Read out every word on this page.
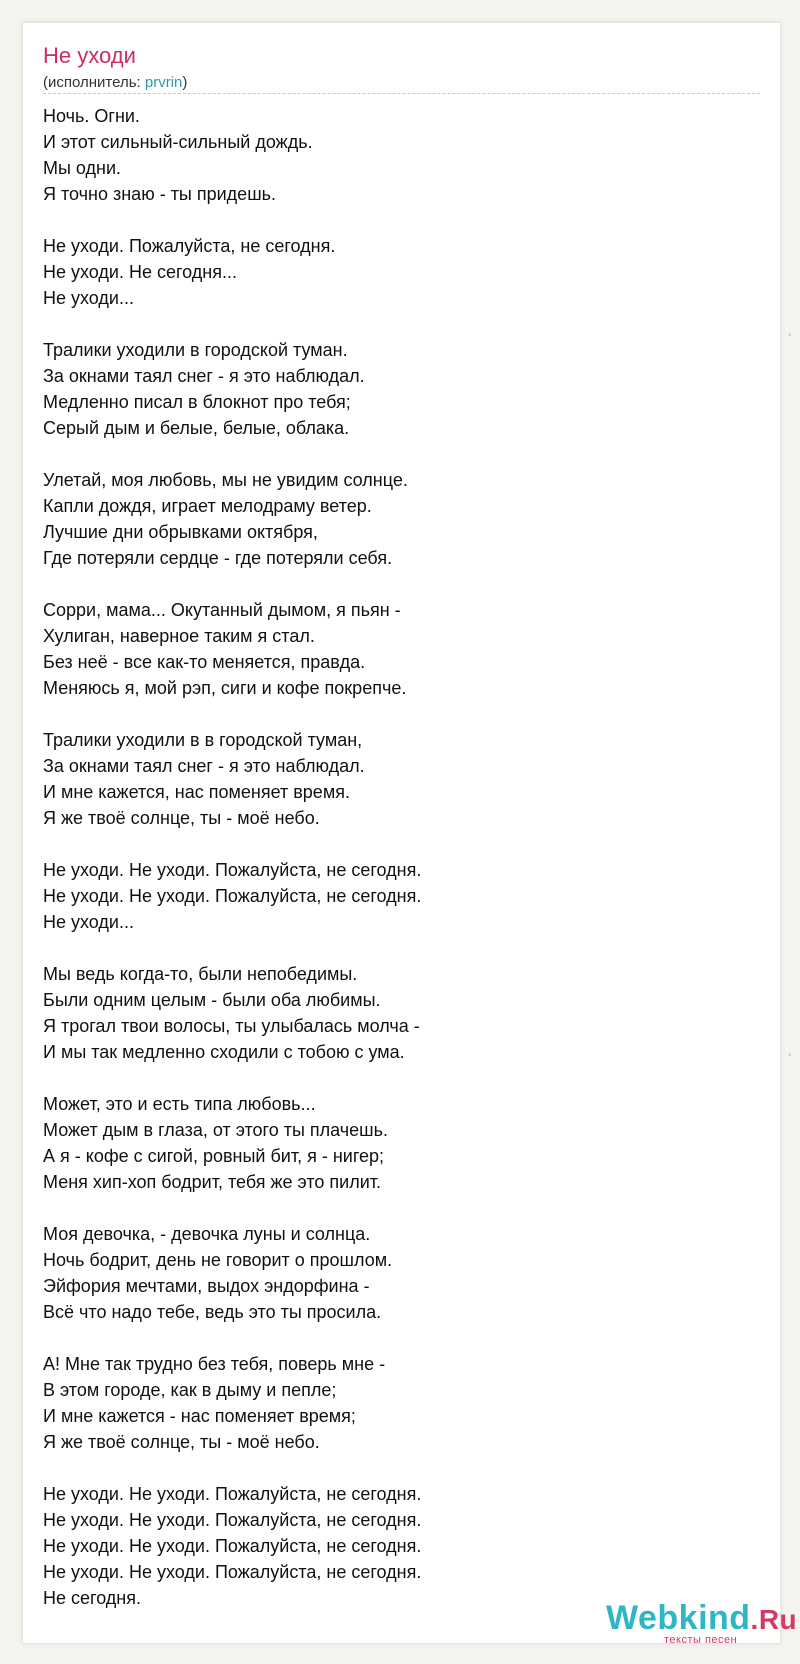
Не уходи
(исполнитель: prvrin)
Ночь. Огни.
И этот сильный-сильный дождь.
Мы одни.
Я точно знаю - ты придешь.
Не уходи. Пожалуйста, не сегодня.
Не уходи. Не сегодня...
Не уходи...
Тралики уходили в городской туман.
За окнами таял снег - я это наблюдал.
Медленно писал в блокнот про тебя;
Серый дым и белые, белые, облака.
Улетай, моя любовь, мы не увидим солнце.
Капли дождя, играет мелодраму ветер.
Лучшие дни обрывками октября,
Где потеряли сердце - где потеряли себя.
Сорри, мама... Окутанный дымом, я пьян -
Хулиган, наверное таким я стал.
Без неё - все как-то меняется, правда.
Меняюсь я, мой рэп, сиги и кофе покрепче.
Тралики уходили в в городской туман,
За окнами таял снег - я это наблюдал.
И мне кажется, нас поменяет время.
Я же твоё солнце, ты - моё небо.
Не уходи. Не уходи. Пожалуйста, не сегодня.
Не уходи. Не уходи. Пожалуйста, не сегодня.
Не уходи...
Мы ведь когда-то, были непобедимы.
Были одним целым - были оба любимы.
Я трогал твои волосы, ты улыбалась молча -
И мы так медленно сходили с тобою с ума.
Может, это и есть типа любовь...
Может дым в глаза, от этого ты плачешь.
А я - кофе с сигой, ровный бит, я - нигер;
Меня хип-хоп бодрит, тебя же это пилит.
Моя девочка, - девочка луны и солнца.
Ночь бодрит, день не говорит о прошлом.
Эйфория мечтами, выдох эндорфина -
Всё что надо тебе, ведь это ты просила.
А! Мне так трудно без тебя, поверь мне -
В этом городе, как в дыму и пепле;
И мне кажется - нас поменяет время;
Я же твоё солнце, ты - моё небо.
Не уходи. Не уходи. Пожалуйста, не сегодня.
Не уходи. Не уходи. Пожалуйста, не сегодня.
Не уходи. Не уходи. Пожалуйста, не сегодня.
Не уходи. Не уходи. Пожалуйста, не сегодня.
Не сегодня.
Webkind.Ru
тексты песен
▪
▪
